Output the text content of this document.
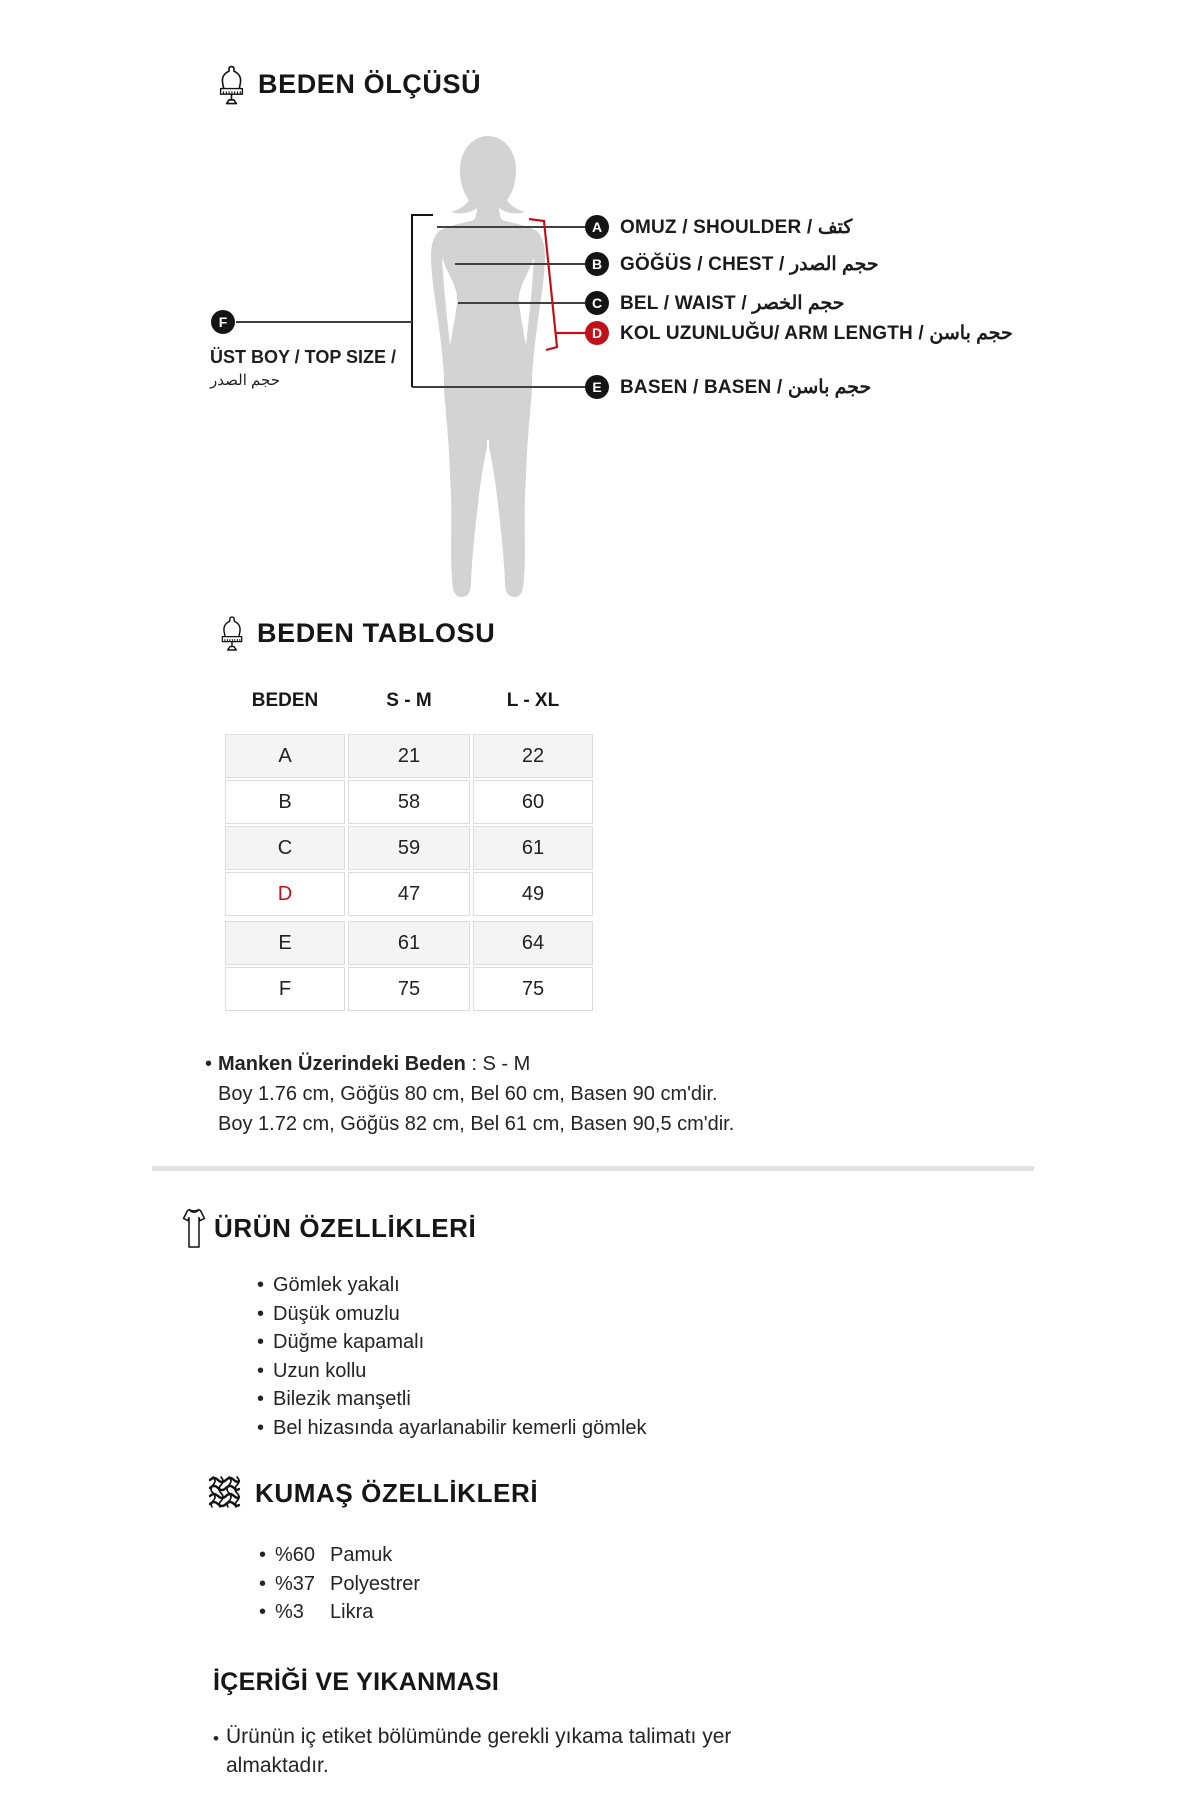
BEDEN ÖLÇÜSÜ
A OMUZ / SHOULDER / كتف
B GÖĞÜS / CHEST / حجم الصدر
C BEL / WAIST / حجم الخصر
D KOL UZUNLUĞU/ ARM LENGTH / حجم باسن
E BASEN / BASEN / حجم باسن
F
ÜST BOY / TOP SIZE /
حجم الصدر
BEDEN TABLOSU
BEDEN	S - M	L - XL
A	21	22
B	58	60
C	59	61
D	47	49
E	61	64
F	75	75
• Manken Üzerindeki Beden : S - M
Boy 1.76 cm, Göğüs 80 cm, Bel 60 cm, Basen 90 cm'dir.
Boy 1.72 cm, Göğüs 82 cm, Bel 61 cm, Basen 90,5 cm'dir.
ÜRÜN ÖZELLİKLERİ
• Gömlek yakalı
• Düşük omuzlu
• Düğme kapamalı
• Uzun kollu
• Bilezik manşetli
• Bel hizasında ayarlanabilir kemerli gömlek
KUMAŞ ÖZELLİKLERİ
• %60 Pamuk
• %37 Polyestrer
• %3 Likra
İÇERİĞİ VE YIKANMASI
• Ürünün iç etiket bölümünde gerekli yıkama talimatı yer almaktadır.
